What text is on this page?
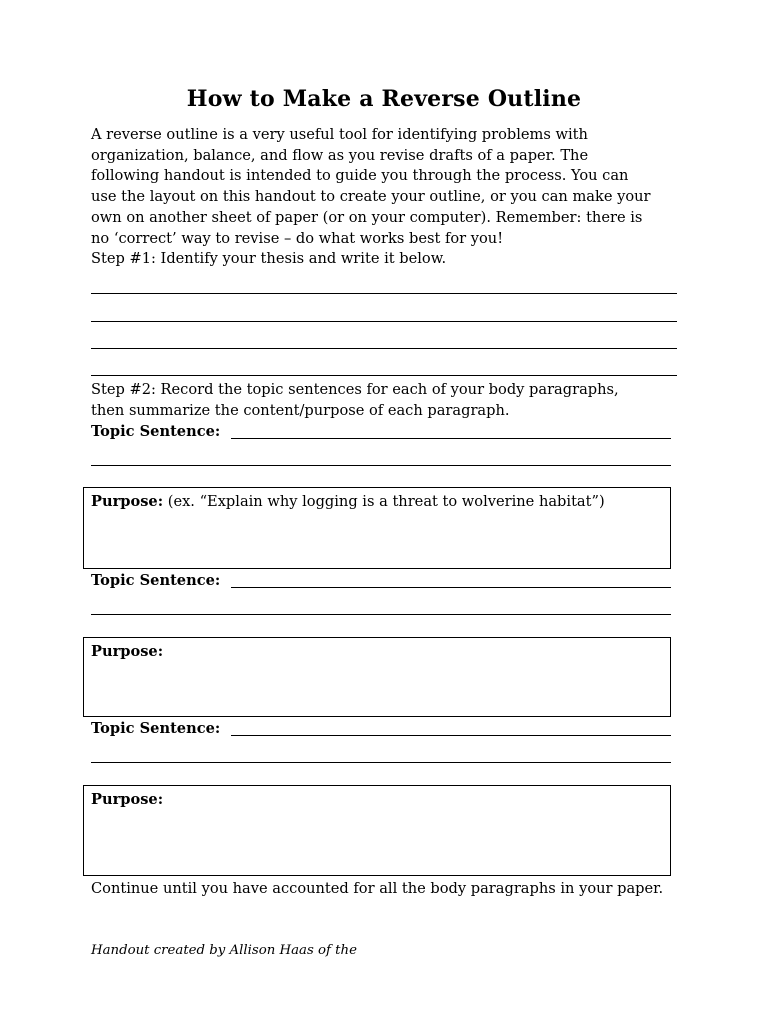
How to Make a Reverse Outline
A reverse outline is a very useful tool for identifying problems with
organization, balance, and flow as you revise drafts of a paper. The
following handout is intended to guide you through the process. You can
use the layout on this handout to create your outline, or you can make your
own on another sheet of paper (or on your computer). Remember: there is
no ‘correct’ way to revise – do what works best for you!
Step #1: Identify your thesis and write it below.
Step #2: Record the topic sentences for each of your body paragraphs,
then summarize the content/purpose of each paragraph.
Topic Sentence:
Purpose: (ex. “Explain why logging is a threat to wolverine habitat”)
Topic Sentence:
Purpose:
Topic Sentence:
Purpose:
Continue until you have accounted for all the body paragraphs in your paper.
Handout created by Allison Haas of the
